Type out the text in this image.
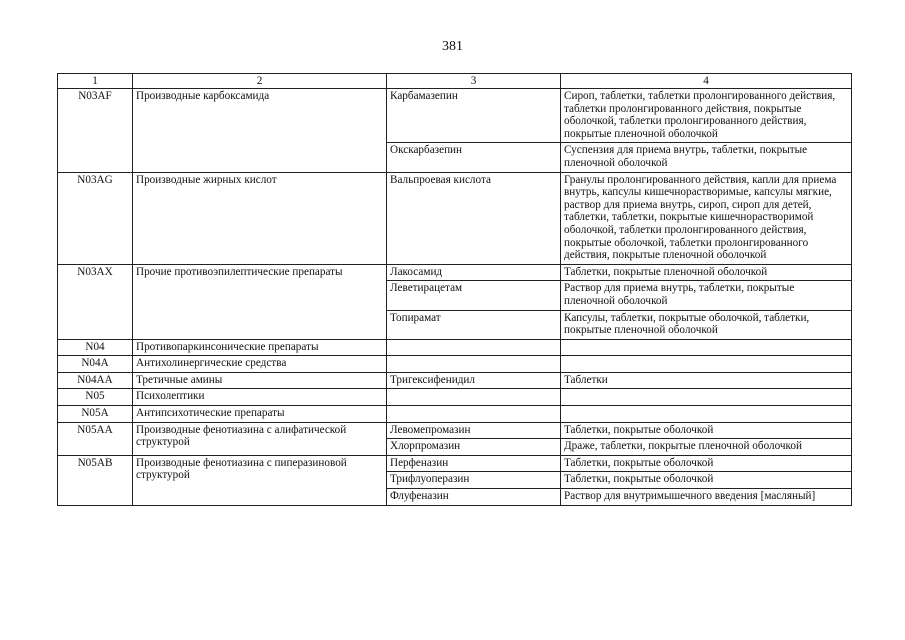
381
1	2	3	4
N03AF	Производные карбоксамида	Карбамазепин	Сироп, таблетки, таблетки пролонгированного действия, таблетки пролонгированного действия, покрытые оболочкой, таблетки пролонгированного действия, покрытые пленочной оболочкой
		Окскарбазепин	Суспензия для приема внутрь, таблетки, покрытые пленочной оболочкой
N03AG	Производные жирных кислот	Вальпроевая кислота	Гранулы пролонгированного действия, капли для приема внутрь, капсулы кишечнорастворимые, капсулы мягкие, раствор для приема внутрь, сироп, сироп для детей, таблетки, таблетки, покрытые кишечнорастворимой оболочкой, таблетки пролонгированного действия, покрытые оболочкой, таблетки пролонгированного действия, покрытые пленочной оболочкой
N03AX	Прочие противоэпилептические препараты	Лакосамид	Таблетки, покрытые пленочной оболочкой
		Леветирацетам	Раствор для приема внутрь, таблетки, покрытые пленочной оболочкой
		Топирамат	Капсулы, таблетки, покрытые оболочкой, таблетки, покрытые пленочной оболочкой
N04	Противопаркинсонические препараты		
N04A	Антихолинергические средства		
N04AA	Третичные амины	Тригексифенидил	Таблетки
N05	Психолептики		
N05A	Антипсихотические препараты		
N05AA	Производные фенотиазина с алифатической структурой	Левомепромазин	Таблетки, покрытые оболочкой
		Хлорпромазин	Драже, таблетки, покрытые пленочной оболочкой
N05AB	Производные фенотиазина с пиперазиновой структурой	Перфеназин	Таблетки, покрытые оболочкой
		Трифлуоперазин	Таблетки, покрытые оболочкой
		Флуфеназин	Раствор для внутримышечного введения [масляный]
